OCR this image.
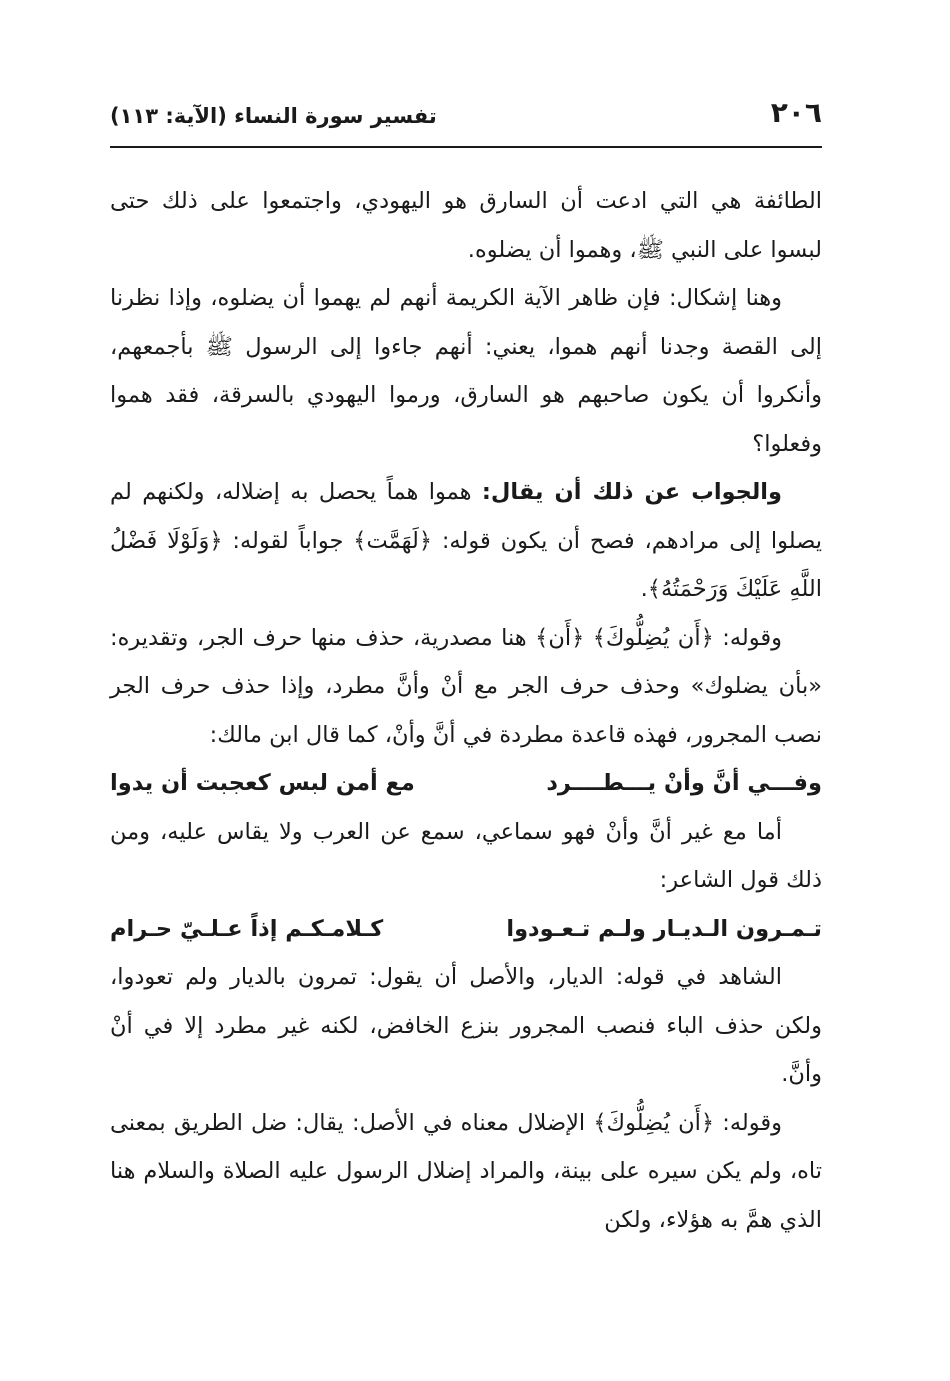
٢٠٦
تفسير سورة النساء (الآية: ١١٣)

الطائفة هي التي ادعت أن السارق هو اليهودي، واجتمعوا على ذلك حتى لبسوا على النبي ﷺ، وهموا أن يضلوه.

وهنا إشكال: فإن ظاهر الآية الكريمة أنهم لم يهموا أن يضلوه، وإذا نظرنا إلى القصة وجدنا أنهم هموا، يعني: أنهم جاءوا إلى الرسول ﷺ بأجمعهم، وأنكروا أن يكون صاحبهم هو السارق، ورموا اليهودي بالسرقة، فقد هموا وفعلوا؟

والجواب عن ذلك أن يقال: هموا هماً يحصل به إضلاله، ولكنهم لم يصلوا إلى مرادهم، فصح أن يكون قوله: ﴿لَهَمَّت﴾ جواباً لقوله: ﴿وَلَوْلَا فَضْلُ اللَّهِ عَلَيْكَ وَرَحْمَتُهُ﴾.

وقوله: ﴿أَن يُضِلُّوكَ﴾ ﴿أَن﴾ هنا مصدرية، حذف منها حرف الجر، وتقديره: «بأن يضلوك» وحذف حرف الجر مع أنْ وأنَّ مطرد، وإذا حذف حرف الجر نصب المجرور، فهذه قاعدة مطردة في أنَّ وأنْ، كما قال ابن مالك:

وفـــي أنَّ وأنْ يـــطــــرد
مع أمن لبس كعجبت أن يدوا

أما مع غير أنَّ وأنْ فهو سماعي، سمع عن العرب ولا يقاس عليه، ومن ذلك قول الشاعر:

تـمـرون الـديـار ولـم تـعـودوا
كـلامـكـم إذاً عـلـيّ حـرام

الشاهد في قوله: الديار، والأصل أن يقول: تمرون بالديار ولم تعودوا، ولكن حذف الباء فنصب المجرور بنزع الخافض، لكنه غير مطرد إلا في أنْ وأنَّ.

وقوله: ﴿أَن يُضِلُّوكَ﴾ الإضلال معناه في الأصل: يقال: ضل الطريق بمعنى تاه، ولم يكن سيره على بينة، والمراد إضلال الرسول عليه الصلاة والسلام هنا الذي همَّ به هؤلاء، ولكن
